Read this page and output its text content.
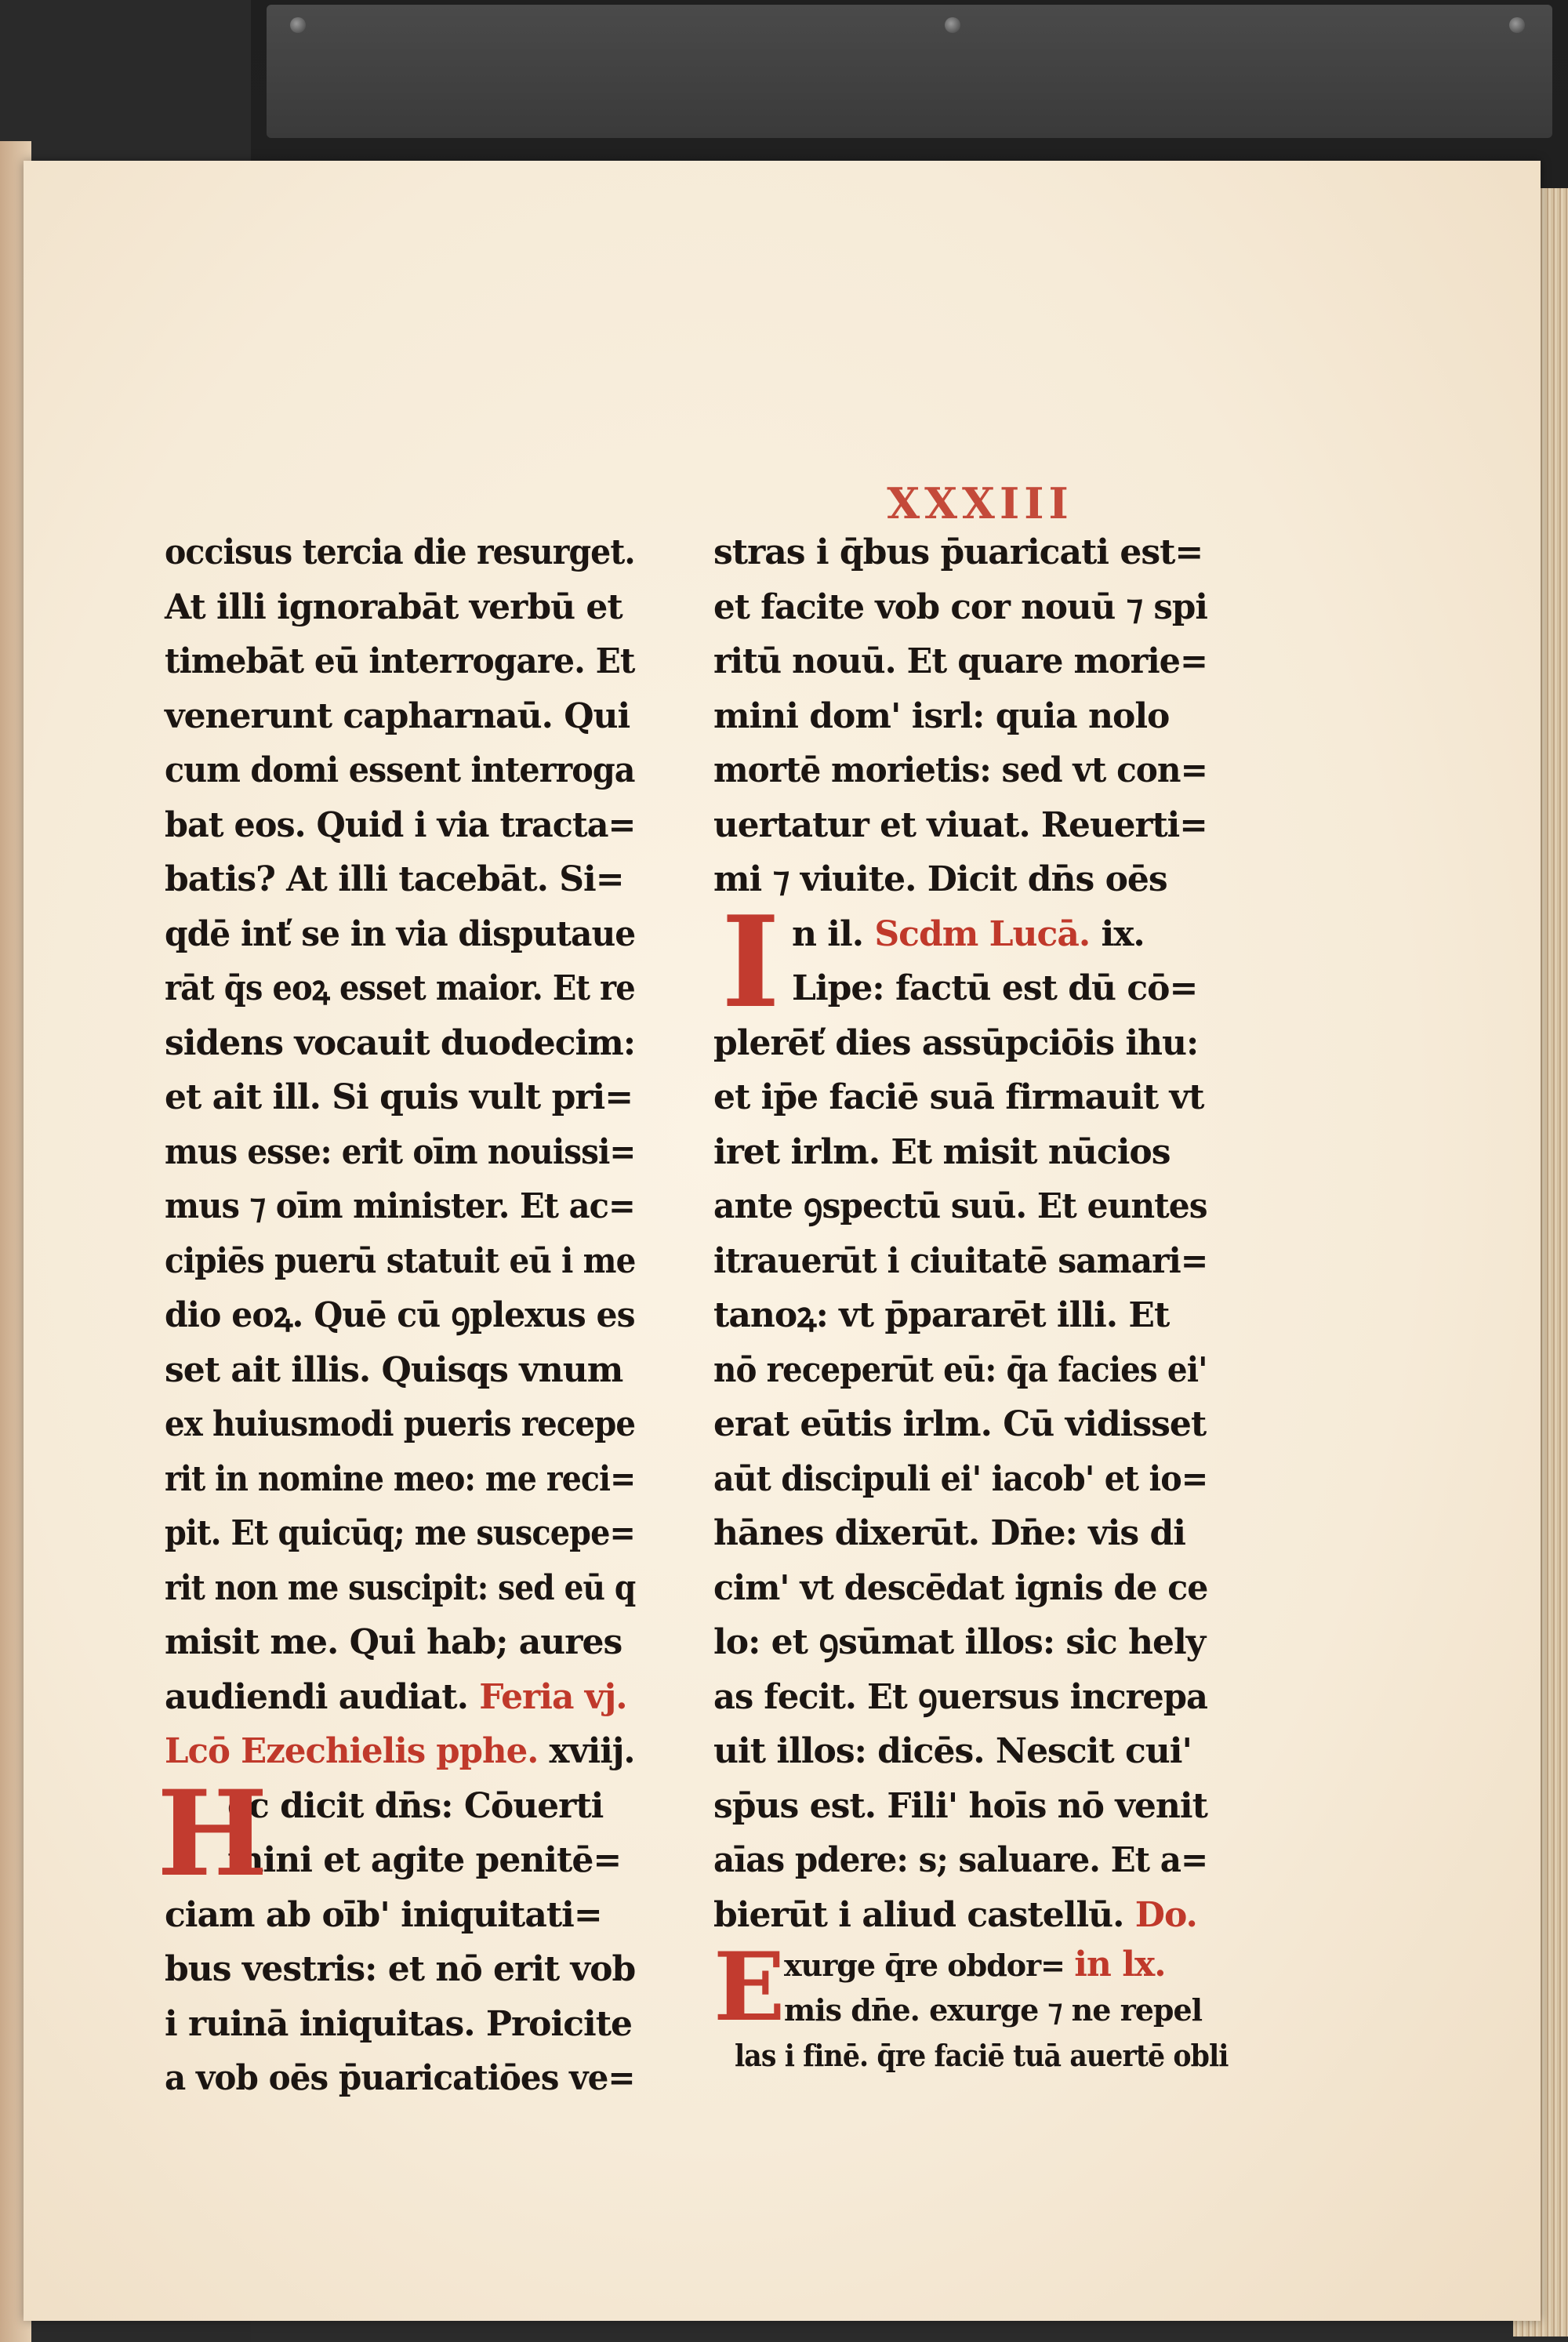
XXXIII
occisus tercia die resurget.
At illi ignorabāt verbū et
timebāt eū interrogare. Et
venerunt capharnaū. Qui
cum domi essent interroga
bat eos. Quid i via tracta=
batis? At illi tacebāt. Si=
qdē inť se in via disputaue
rāt q̄s eoꝝ esset maior. Et re
sidens vocauit duodecim:
et ait ill. Si quis vult pri=
mus esse: erit oīm nouissi=
mus ⁊ oīm minister. Et ac=
cipiēs puerū statuit eū i me
dio eoꝝ. Quē cū ꝯplexus es
set ait illis. Quisqs vnum
ex huiusmodi pueris recepe
rit in nomine meo: me reci=
pit. Et quicūq; me suscepe=
rit non me suscipit: sed eū q
misit me. Qui hab; aures
audiendi audiat. Feria vj.
Lcō Ezechielis pphe. xviij.
H
ec dicit dn̄s: Cōuerti
mini et agite penitē=
ciam ab oīb' iniquitati=
bus vestris: et nō erit vob
i ruinā iniquitas. Proicite
a vob oēs p̄uaricatiōes ve=
stras i q̄bus p̄uaricati est=
et facite vob cor nouū ⁊ spi
ritū nouū. Et quare morie=
mini dom' isrl: quia nolo
mortē morietis: sed vt con=
uertatur et viuat. Reuerti=
mi ⁊ viuite. Dicit dn̄s oēs
I n il. Scdm Lucā. ix.
Lipe: factū est dū cō=
plerēť dies assūpciōis ihu:
et ip̄e faciē suā firmauit vt
iret irlm. Et misit nūcios
ante ꝯspectū suū. Et euntes
itrauerūt i ciuitatē samari=
tanoꝝ: vt p̄pararēt illi. Et
nō receperūt eū: q̄a facies ei'
erat eūtis irlm. Cū vidisset
aūt discipuli ei' iacob' et io=
hānes dixerūt. Dn̄e: vis di
cim' vt descēdat ignis de ce
lo: et ꝯsūmat illos: sic hely
as fecit. Et ꝯuersus increpa
uit illos: dicēs. Nescit cui'
sp̄us est. Fili' hoīs nō venit
aīas pdere: s; saluare. Et a=
bierūt i aliud castellū. Do.
E
xurge q̄re obdor= in lx.
mis dn̄e. exurge ⁊ ne repel
las i finē. q̄re faciē tuā auertē obli
